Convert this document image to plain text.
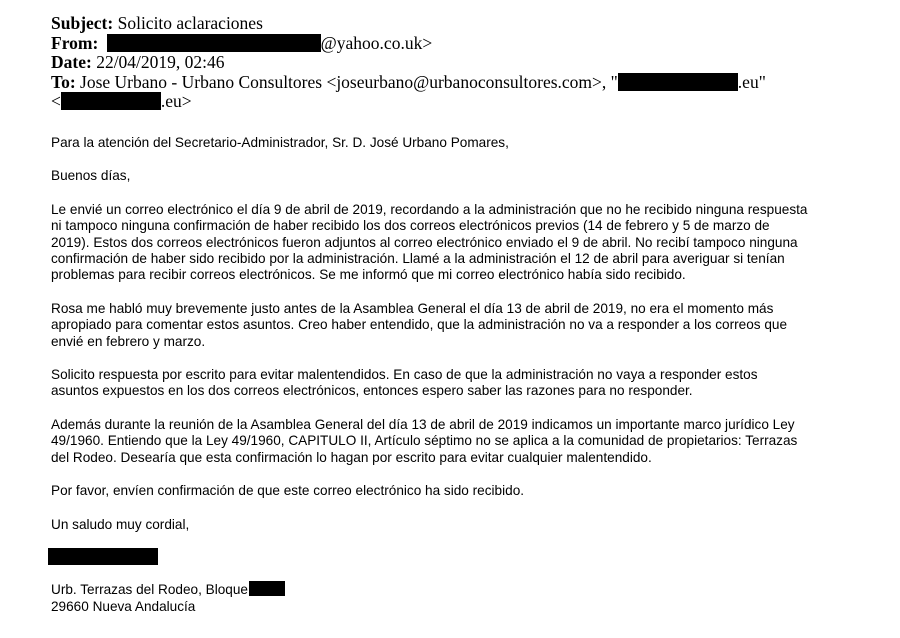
Subject: Solicito aclaraciones
From:	@yahoo.co.uk>
Date: 22/04/2019, 02:46
To: Jose Urbano - Urbano Consultores <joseurbano@urbanoconsultores.com>, "	.eu"
<	.eu>

Para la atención del Secretario-Administrador, Sr. D. José Urbano Pomares,

Buenos días,

Le envié un correo electrónico el día 9 de abril de 2019, recordando a la administración que no he recibido ninguna respuesta

ni tampoco ninguna confirmación de haber recibido los dos correos electrónicos previos (14 de febrero y 5 de marzo de

2019). Estos dos correos electrónicos fueron adjuntos al correo electrónico enviado el 9 de abril. No recibí tampoco ninguna

confirmación de haber sido recibido por la administración. Llamé a la administración el 12 de abril para averiguar si tenían

problemas para recibir correos electrónicos. Se me informó que mi correo electrónico había sido recibido.

Rosa me habló muy brevemente justo antes de la Asamblea General el día 13 de abril de 2019, no era el momento más

apropiado para comentar estos asuntos. Creo haber entendido, que la administración no va a responder a los correos que

envié en febrero y marzo.

Solicito respuesta por escrito para evitar malentendidos. En caso de que la administración no vaya a responder estos

asuntos expuestos en los dos correos electrónicos, entonces espero saber las razones para no responder.

Además durante la reunión de la Asamblea General del día 13 de abril de 2019 indicamos un importante marco jurídico Ley

49/1960. Entiendo que la Ley 49/1960, CAPITULO II, Artículo séptimo no se aplica a la comunidad de propietarios: Terrazas

del Rodeo. Desearía que esta confirmación lo hagan por escrito para evitar cualquier malentendido.

Por favor, envíen confirmación de que este correo electrónico ha sido recibido.

Un saludo muy cordial,

Urb. Terrazas del Rodeo, Bloque
29660 Nueva Andalucía
